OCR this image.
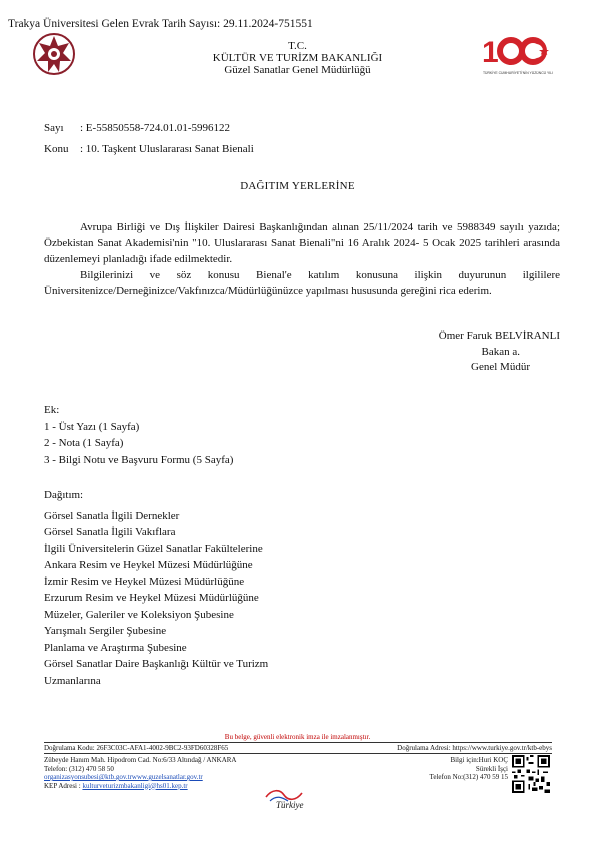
Trakya Üniversitesi Gelen Evrak Tarih Sayısı: 29.11.2024-751551
T.C.
KÜLTÜR VE TURİZM BAKANLIĞI
Güzel Sanatlar Genel Müdürlüğü
1
TÜRKİYE CUMHURİYETİ'NİN YÜZÜNCÜ YILI
Sayı : E-55850558-724.01.01-5996122
Konu : 10. Taşkent Uluslararası Sanat Bienali
DAĞITIM YERLERİNE
Avrupa Birliği ve Dış İlişkiler Dairesi Başkanlığından alınan 25/11/2024 tarih ve 5988349 sayılı yazıda; Özbekistan Sanat Akademisi'nin "10. Uluslararası Sanat Bienali"ni 16 Aralık 2024- 5 Ocak 2025 tarihleri arasında düzenlemeyi planladığı ifade edilmektedir.
Bilgilerinizi ve söz konusu Bienal'e katılım konusuna ilişkin duyurunun ilgililere Üniversitenizce/Derneğinizce/Vakfınızca/Müdürlüğünüzce yapılması hususunda gereğini rica ederim.
Ömer Faruk BELVİRANLI
Bakan a.
Genel Müdür
Ek:
1 - Üst Yazı (1 Sayfa)
2 - Nota (1 Sayfa)
3 - Bilgi Notu ve Başvuru Formu (5 Sayfa)
Dağıtım:
Görsel Sanatla İlgili Dernekler
Görsel Sanatla İlgili Vakıflara
İlgili Üniversitelerin Güzel Sanatlar Fakültelerine
Ankara Resim ve Heykel Müzesi Müdürlüğüne
İzmir Resim ve Heykel Müzesi Müdürlüğüne
Erzurum Resim ve Heykel Müzesi Müdürlüğüne
Müzeler, Galeriler ve Koleksiyon Şubesine
Yarışmalı Sergiler Şubesine
Planlama ve Araştırma Şubesine
Görsel Sanatlar Daire Başkanlığı Kültür ve Turizm
Uzmanlarına
Bu belge, güvenli elektronik imza ile imzalanmıştır.
Doğrulama Kodu: 26F3C03C-AFA1-4002-9BC2-93FD60328F65	Doğrulama Adresi: https://www.turkiye.gov.tr/ktb-ebys
Zübeyde Hanım Mah. Hipodrom Cad. No:6/33 Altındağ / ANKARA
Telefon: (312) 470 58 50
organizasyonsubesi@ktb.gov.trwww.guzelsanatlar.gov.tr
KEP Adresi : kulturveturizmbakanligi@hs01.kep.tr
Bilgi için:Huri KOÇ
Sürekli İşçi
Telefon No:(312) 470 59 15
Türkiye
